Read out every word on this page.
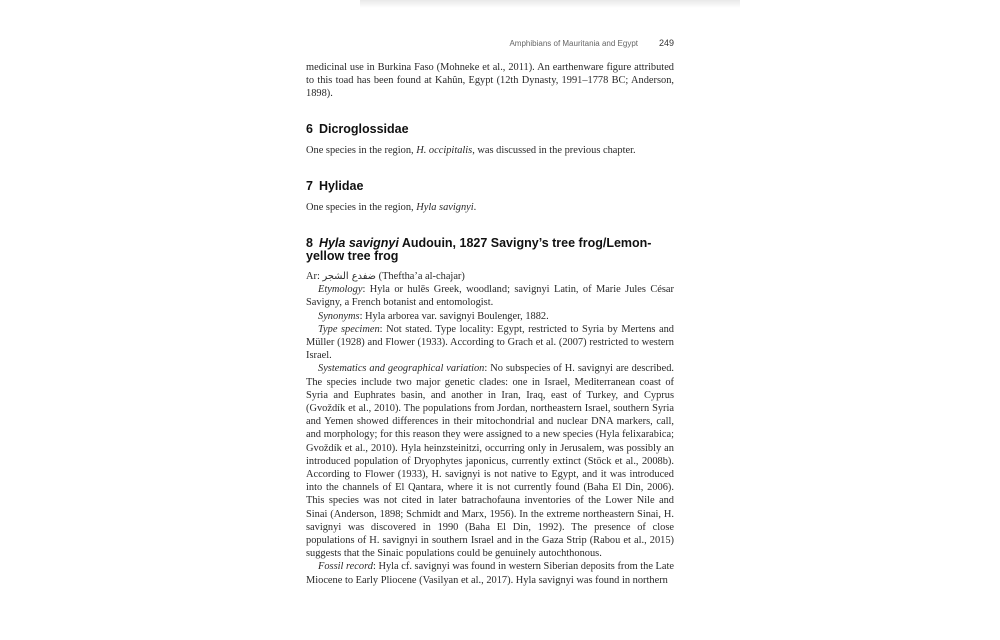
Amphibians of Mauritania and Egypt 249

medicinal use in Burkina Faso (Mohneke et al., 2011). An earthenware figure attributed to this toad has been found at Kahûn, Egypt (12th Dynasty, 1991–1778 BC; Anderson, 1898).

6 Dicroglossidae

One species in the region, H. occipitalis, was discussed in the previous chapter.

7 Hylidae

One species in the region, Hyla savignyi.

8 Hyla savignyi Audouin, 1827 Savigny’s tree frog/Lemon-yellow tree frog

Ar: ضفدع الشجر (Theftha’a al-chajar)

Etymology: Hyla or hulēs Greek, woodland; savignyi Latin, of Marie Jules César Savigny, a French botanist and entomologist.

Synonyms: Hyla arborea var. savignyi Boulenger, 1882.

Type specimen: Not stated. Type locality: Egypt, restricted to Syria by Mertens and Müller (1928) and Flower (1933). According to Grach et al. (2007) restricted to western Israel.

Systematics and geographical variation: No subspecies of H. savignyi are described. The species include two major genetic clades: one in Israel, Mediterranean coast of Syria and Euphrates basin, and another in Iran, Iraq, east of Turkey, and Cyprus (Gvoždík et al., 2010). The populations from Jordan, northeastern Israel, southern Syria and Yemen showed differences in their mitochondrial and nuclear DNA markers, call, and morphology; for this reason they were assigned to a new species (Hyla felixarabica; Gvoždík et al., 2010). Hyla heinzsteinitzi, occurring only in Jerusalem, was possibly an introduced population of Dryophytes japonicus, currently extinct (Stöck et al., 2008b). According to Flower (1933), H. savignyi is not native to Egypt, and it was introduced into the channels of El Qantara, where it is not currently found (Baha El Din, 2006). This species was not cited in later batrachofauna inventories of the Lower Nile and Sinai (Anderson, 1898; Schmidt and Marx, 1956). In the extreme northeastern Sinai, H. savignyi was discovered in 1990 (Baha El Din, 1992). The presence of close populations of H. savignyi in southern Israel and in the Gaza Strip (Rabou et al., 2015) suggests that the Sinaic populations could be genuinely autochthonous.

Fossil record: Hyla cf. savignyi was found in western Siberian deposits from the Late Miocene to Early Pliocene (Vasilyan et al., 2017). Hyla savignyi was found in northern
